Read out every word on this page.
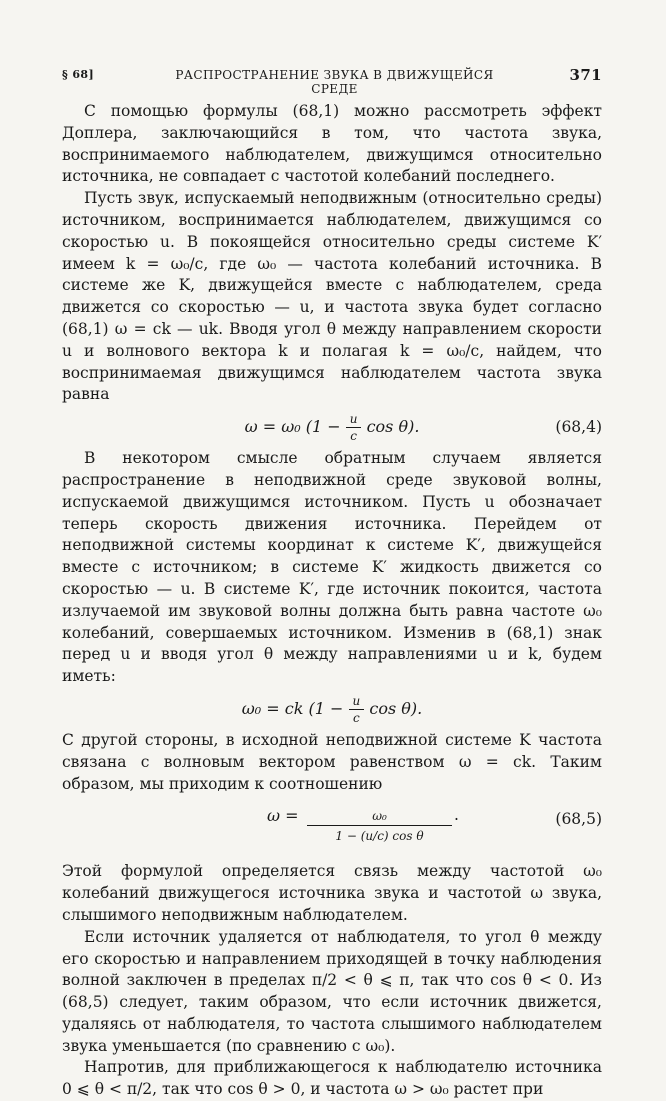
§ 68]	РАСПРОСТРАНЕНИЕ ЗВУКА В ДВИЖУЩЕЙСЯ СРЕДЕ
371

С помощью формулы (68,1) можно рассмотреть эффект Доплера, заключающийся в том, что частота звука, воспринимаемого наблюдателем, движущимся относительно источника, не совпадает с частотой колебаний последнего.

Пусть звук, испускаемый неподвижным (относительно среды) источником, воспринимается наблюдателем, движущимся со скоростью u. В покоящейся относительно среды системе K′ имеем k = ω₀/c, где ω₀ — частота колебаний источника. В системе же K, движущейся вместе с наблюдателем, среда движется со скоростью — u, и частота звука будет согласно (68,1) ω = ck — uk. Вводя угол θ между направлением скорости u и волнового вектора k и полагая k = ω₀/c, найдем, что воспринимаемая движущимся наблюдателем частота звука равна

ω = ω₀ ($1 - \frac{u}{c}$ cos θ).	(68,4)

В некотором смысле обратным случаем является распространение в неподвижной среде звуковой волны, испускаемой движущимся источником. Пусть u обозначает теперь скорость движения источника. Перейдем от неподвижной системы координат к системе K′, движущейся вместе с источником; в системе K′ жидкость движется со скоростью — u. В системе K′, где источник покоится, частота излучаемой им звуковой волны должна быть равна частоте ω₀ колебаний, совершаемых источником. Изменив в (68,1) знак перед u и вводя угол θ между направлениями u и k, будем иметь:

ω₀ = ck ($1 - \frac{u}{c}$ cos θ).

С другой стороны, в исходной неподвижной системе K частота связана с волновым вектором равенством ω = ck. Таким образом, мы приходим к соотношению

$\omega = \frac{\text{ω₀}}{\text{1 − (u/c) cos θ}}$ .	(68,5)

Этой формулой определяется связь между частотой ω₀ колебаний движущегося источника звука и частотой ω звука, слышимого неподвижным наблюдателем.

Если источник удаляется от наблюдателя, то угол θ между его скоростью и направлением приходящей в точку наблюдения волной заключен в пределах π/2 < θ ⩽ π, так что cos θ < 0. Из (68,5) следует, таким образом, что если источник движется, удаляясь от наблюдателя, то частота слышимого наблюдателем звука уменьшается (по сравнению с ω₀).

Напротив, для приближающегося к наблюдателю источника 0 ⩽ θ < π/2, так что cos θ > 0, и частота ω > ω₀ растет при
